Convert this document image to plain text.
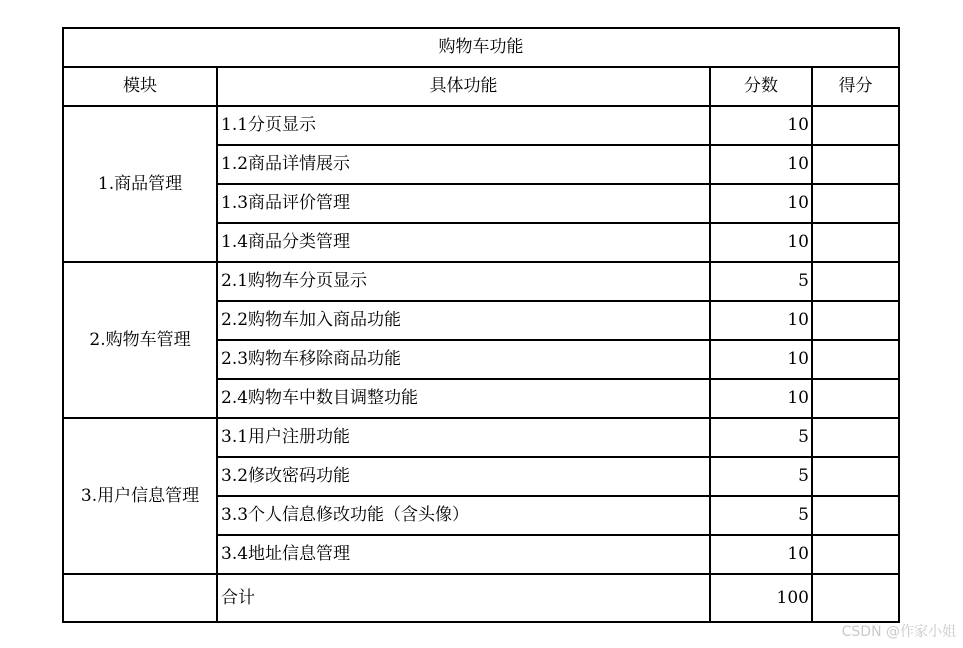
购物车功能			
模块	具体功能	分数	得分
1.商品管理	1.1分页显示	10	
	1.2商品详情展示	10	
	1.3商品评价管理	10	
	1.4商品分类管理	10	
2.购物车管理	2.1购物车分页显示	5	
	2.2购物车加入商品功能	10	
	2.3购物车移除商品功能	10	
	2.4购物车中数目调整功能	10	
3.用户信息管理	3.1用户注册功能	5	
	3.2修改密码功能	5	
	3.3个人信息修改功能（含头像）	5	
	3.4地址信息管理	10	
	合计	100	
CSDN @作家小姐
